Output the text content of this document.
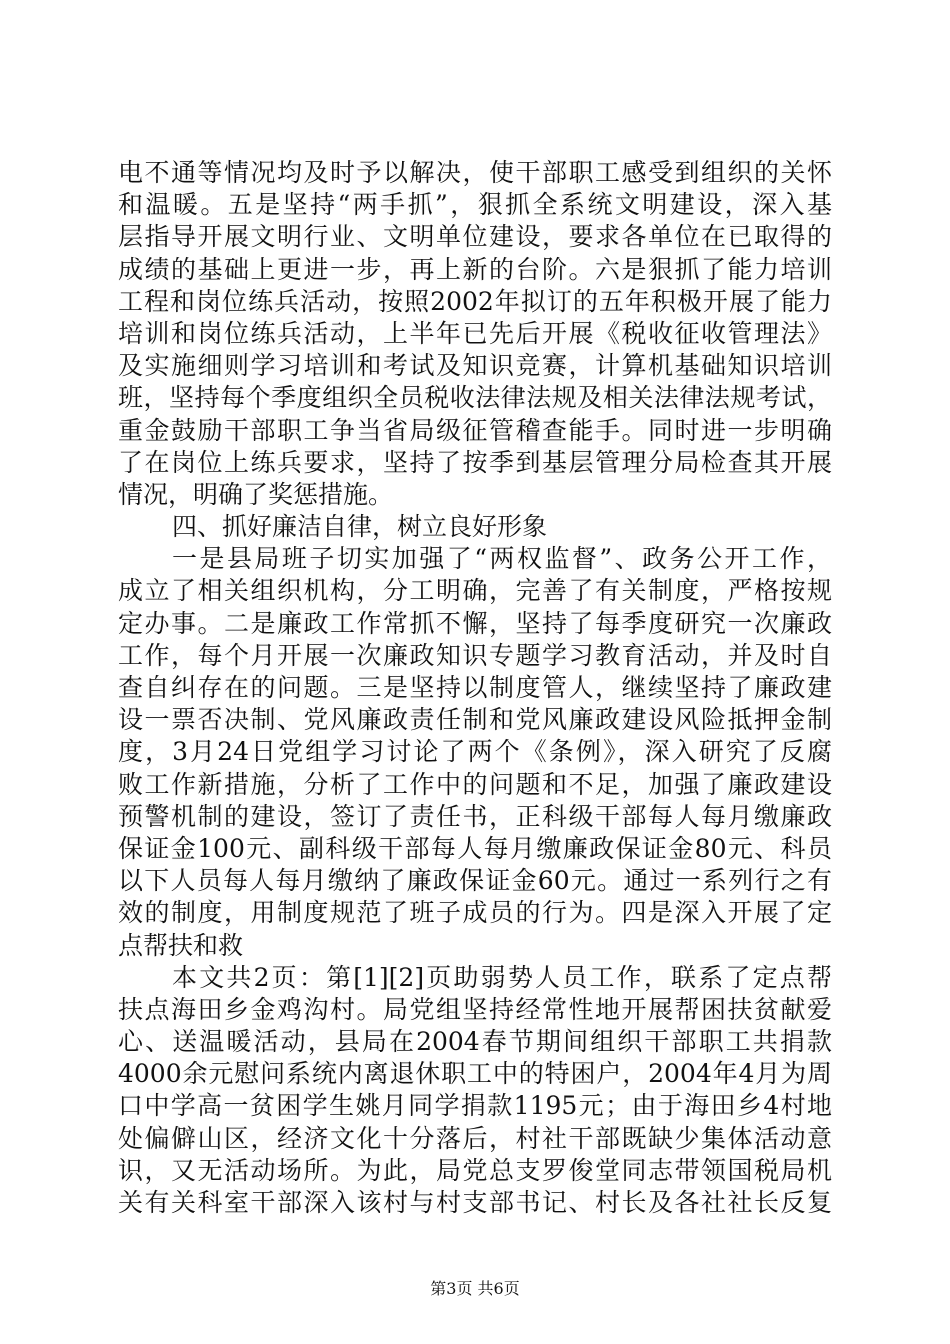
电不通等情况均及时予以解决，使干部职工感受到组织的关怀
和温暖。五是坚持“两手抓”，狠抓全系统文明建设，深入基
层指导开展文明行业、文明单位建设，要求各单位在已取得的
成绩的基础上更进一步，再上新的台阶。六是狠抓了能力培训
工程和岗位练兵活动，按照2002年拟订的五年积极开展了能力
培训和岗位练兵活动，上半年已先后开展《税收征收管理法》
及实施细则学习培训和考试及知识竞赛，计算机基础知识培训
班，坚持每个季度组织全员税收法律法规及相关法律法规考试，
重金鼓励干部职工争当省局级征管稽查能手。同时进一步明确
了在岗位上练兵要求，坚持了按季到基层管理分局检查其开展
情况，明确了奖惩措施。
四、抓好廉洁自律，树立良好形象
一是县局班子切实加强了“两权监督”、政务公开工作，
成立了相关组织机构，分工明确，完善了有关制度，严格按规
定办事。二是廉政工作常抓不懈，坚持了每季度研究一次廉政
工作，每个月开展一次廉政知识专题学习教育活动，并及时自
查自纠存在的问题。三是坚持以制度管人，继续坚持了廉政建
设一票否决制、党风廉政责任制和党风廉政建设风险抵押金制
度，3月24日党组学习讨论了两个《条例》，深入研究了反腐
败工作新措施，分析了工作中的问题和不足，加强了廉政建设
预警机制的建设，签订了责任书，正科级干部每人每月缴廉政
保证金100元、副科级干部每人每月缴廉政保证金80元、科员
以下人员每人每月缴纳了廉政保证金60元。通过一系列行之有
效的制度，用制度规范了班子成员的行为。四是深入开展了定
点帮扶和救
本文共2页：第[1][2]页助弱势人员工作，联系了定点帮
扶点海田乡金鸡沟村。局党组坚持经常性地开展帮困扶贫献爱
心、送温暖活动，县局在2004春节期间组织干部职工共捐款
4000余元慰问系统内离退休职工中的特困户，2004年4月为周
口中学高一贫困学生姚月同学捐款1195元；由于海田乡4村地
处偏僻山区，经济文化十分落后，村社干部既缺少集体活动意
识，又无活动场所。为此，局党总支罗俊堂同志带领国税局机
关有关科室干部深入该村与村支部书记、村长及各社社长反复
第3页 共6页
